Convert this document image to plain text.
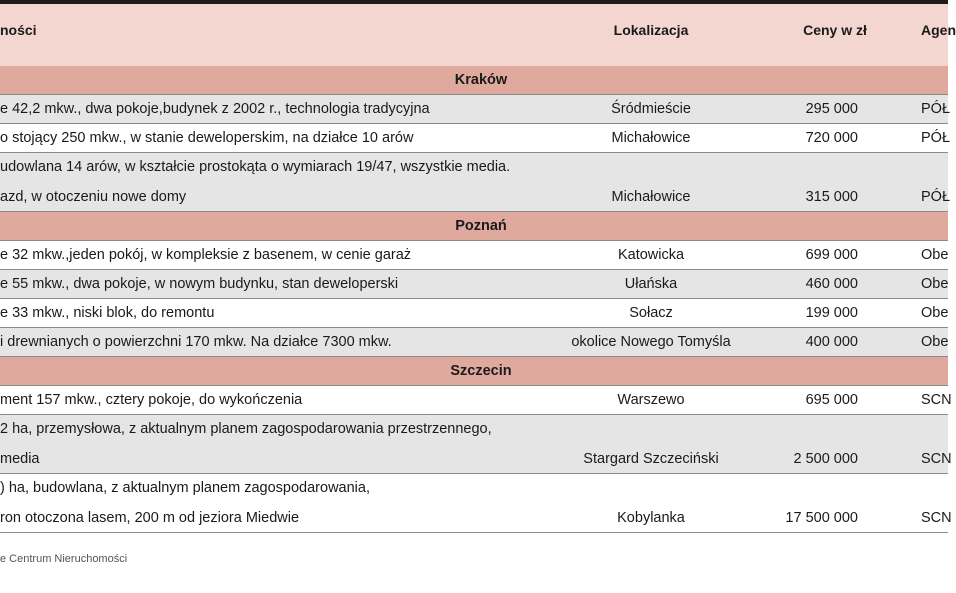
ności	Lokalizacja	Ceny w zł	Agen
Kraków
e 42,2 mkw., dwa pokoje,budynek z 2002 r., technologia tradycyjna	Śródmieście	295 000	PÓŁ
o stojący 250 mkw., w stanie deweloperskim, na działce 10 arów	Michałowice	720 000	PÓŁ
udowlana 14 arów, w kształcie prostokąta o wymiarach 19/47, wszystkie media.
azd, w otoczeniu nowe domy	Michałowice	315 000	PÓŁ
Poznań
e 32 mkw.,jeden pokój, w kompleksie z basenem, w cenie garaż	Katowicka	699 000	Obe
e 55 mkw., dwa pokoje, w nowym budynku, stan deweloperski	Ułańska	460 000	Obe
e 33 mkw., niski blok, do remontu	Sołacz	199 000	Obe
i drewnianych o powierzchni 170 mkw. Na działce 7300 mkw.	okolice Nowego Tomyśla	400 000	Obe
Szczecin
ment 157 mkw., cztery pokoje, do wykończenia	Warszewo	695 000	SCN
2 ha, przemysłowa, z aktualnym planem zagospodarowania przestrzennego,
media	Stargard Szczeciński	2 500 000	SCN
) ha, budowlana, z aktualnym planem zagospodarowania,
ron otoczona lasem, 200 m od jeziora Miedwie	Kobylanka	17 500 000	SCN
e Centrum Nieruchomości
